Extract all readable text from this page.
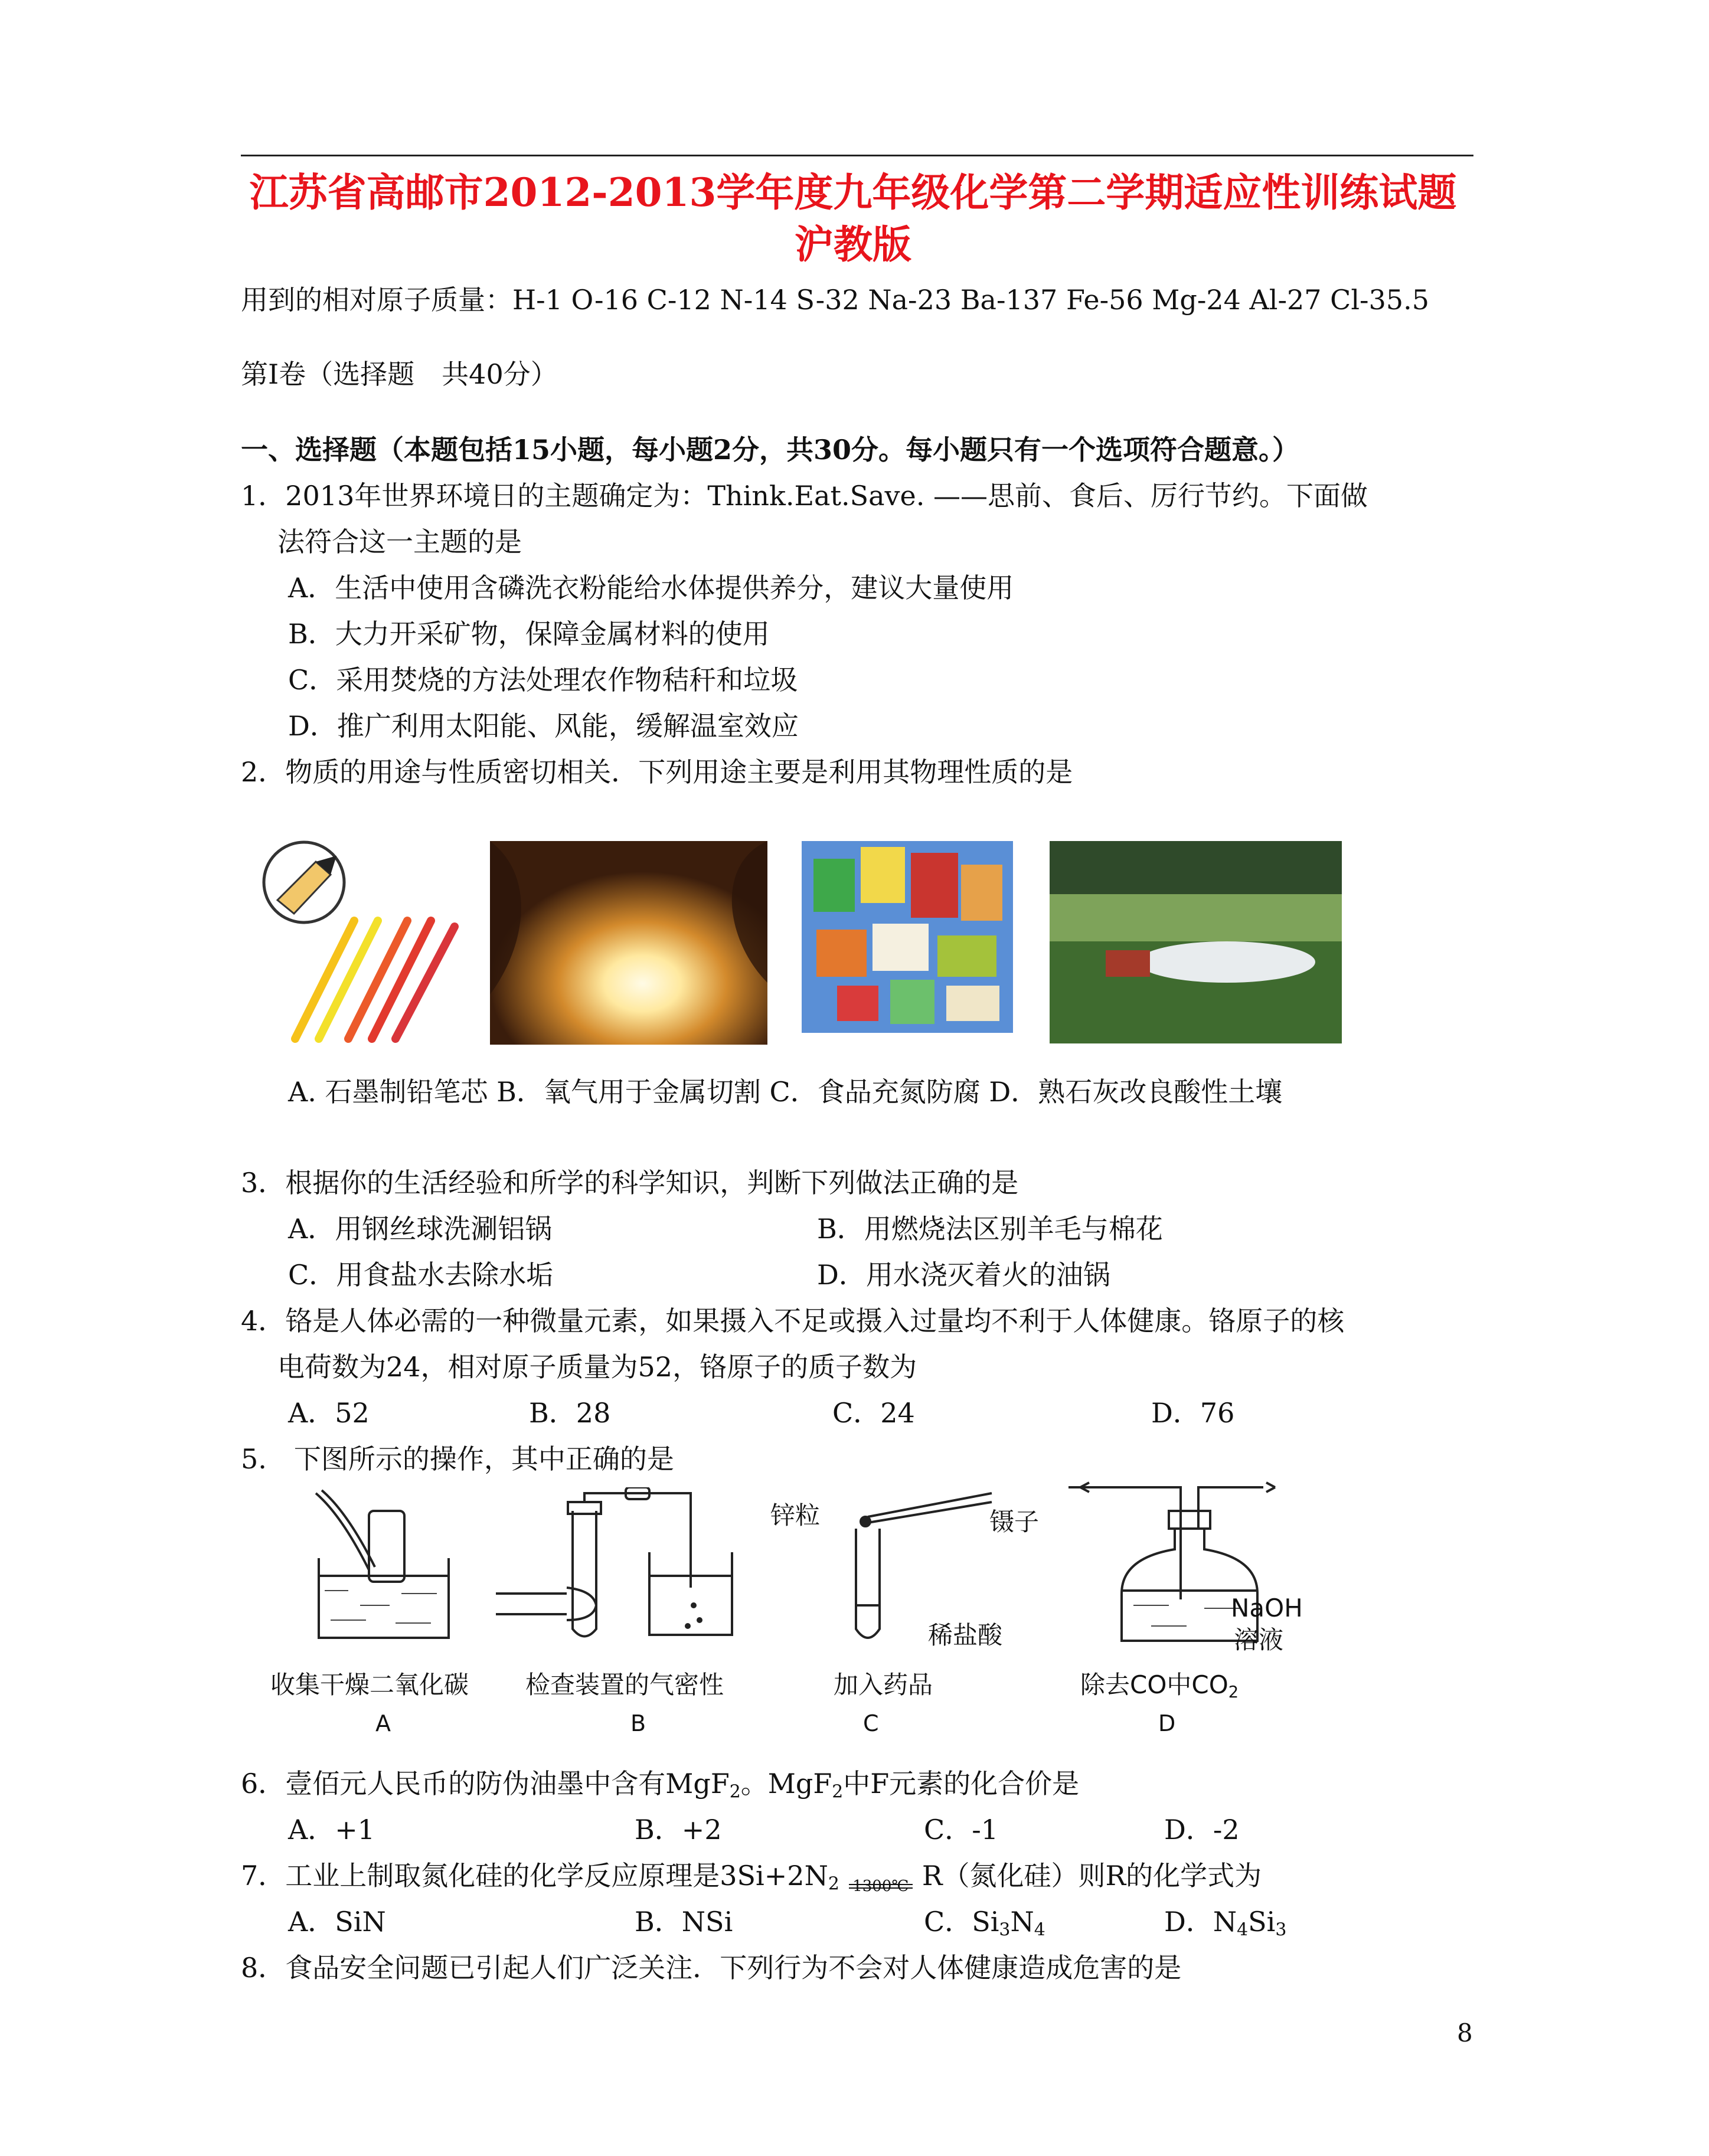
江苏省高邮市2012-2013学年度九年级化学第二学期适应性训练试题
沪教版
用到的相对原子质量：H-1 O-16 C-12 N-14 S-32 Na-23 Ba-137 Fe-56 Mg-24 Al-27 Cl-35.5
第Ⅰ卷（选择题　共40分）
一、选择题（本题包括15小题，每小题2分，共30分。每小题只有一个选项符合题意。）
1．2013年世界环境日的主题确定为：Think.Eat.Save. ——思前、食后、厉行节约。下面做
法符合这一主题的是
A．生活中使用含磷洗衣粉能给水体提供养分，建议大量使用
B．大力开采矿物，保障金属材料的使用
C．采用焚烧的方法处理农作物秸秆和垃圾
D．推广利用太阳能、风能，缓解温室效应
2．物质的用途与性质密切相关．下列用途主要是利用其物理性质的是
A. 石墨制铅笔芯 B．氧气用于金属切割 C．食品充氮防腐 D．熟石灰改良酸性土壤
3．根据你的生活经验和所学的科学知识，判断下列做法正确的是
A．用钢丝球洗涮铝锅	B．用燃烧法区别羊毛与棉花
C．用食盐水去除水垢	D．用水浇灭着火的油锅
4．铬是人体必需的一种微量元素，如果摄入不足或摄入过量均不利于人体健康。铬原子的核
电荷数为24，相对原子质量为52，铬原子的质子数为
A．52	B．28	C．24	D．76
5.　下图所示的操作，其中正确的是
收集干燥二氧化碳
A
检查装置的气密性
B
锌粒	镊子
稀盐酸
加入药品
C
NaOH
溶液
除去CO中$CO_2$
D
6．壹佰元人民币的防伪油墨中含有MgF$_2$。MgF$_2$中F元素的化合价是
A．+1	B．+2	C．-1	D．-2
7．工业上制取氮化硅的化学反应原理是$3Si+2N_2$ 1300℃ R（氮化硅）则R的化学式为
A．SiN	B．NSi	C．$Si_3N_4$	D．$N_4Si_3$
8．食品安全问题已引起人们广泛关注．下列行为不会对人体健康造成危害的是
8
